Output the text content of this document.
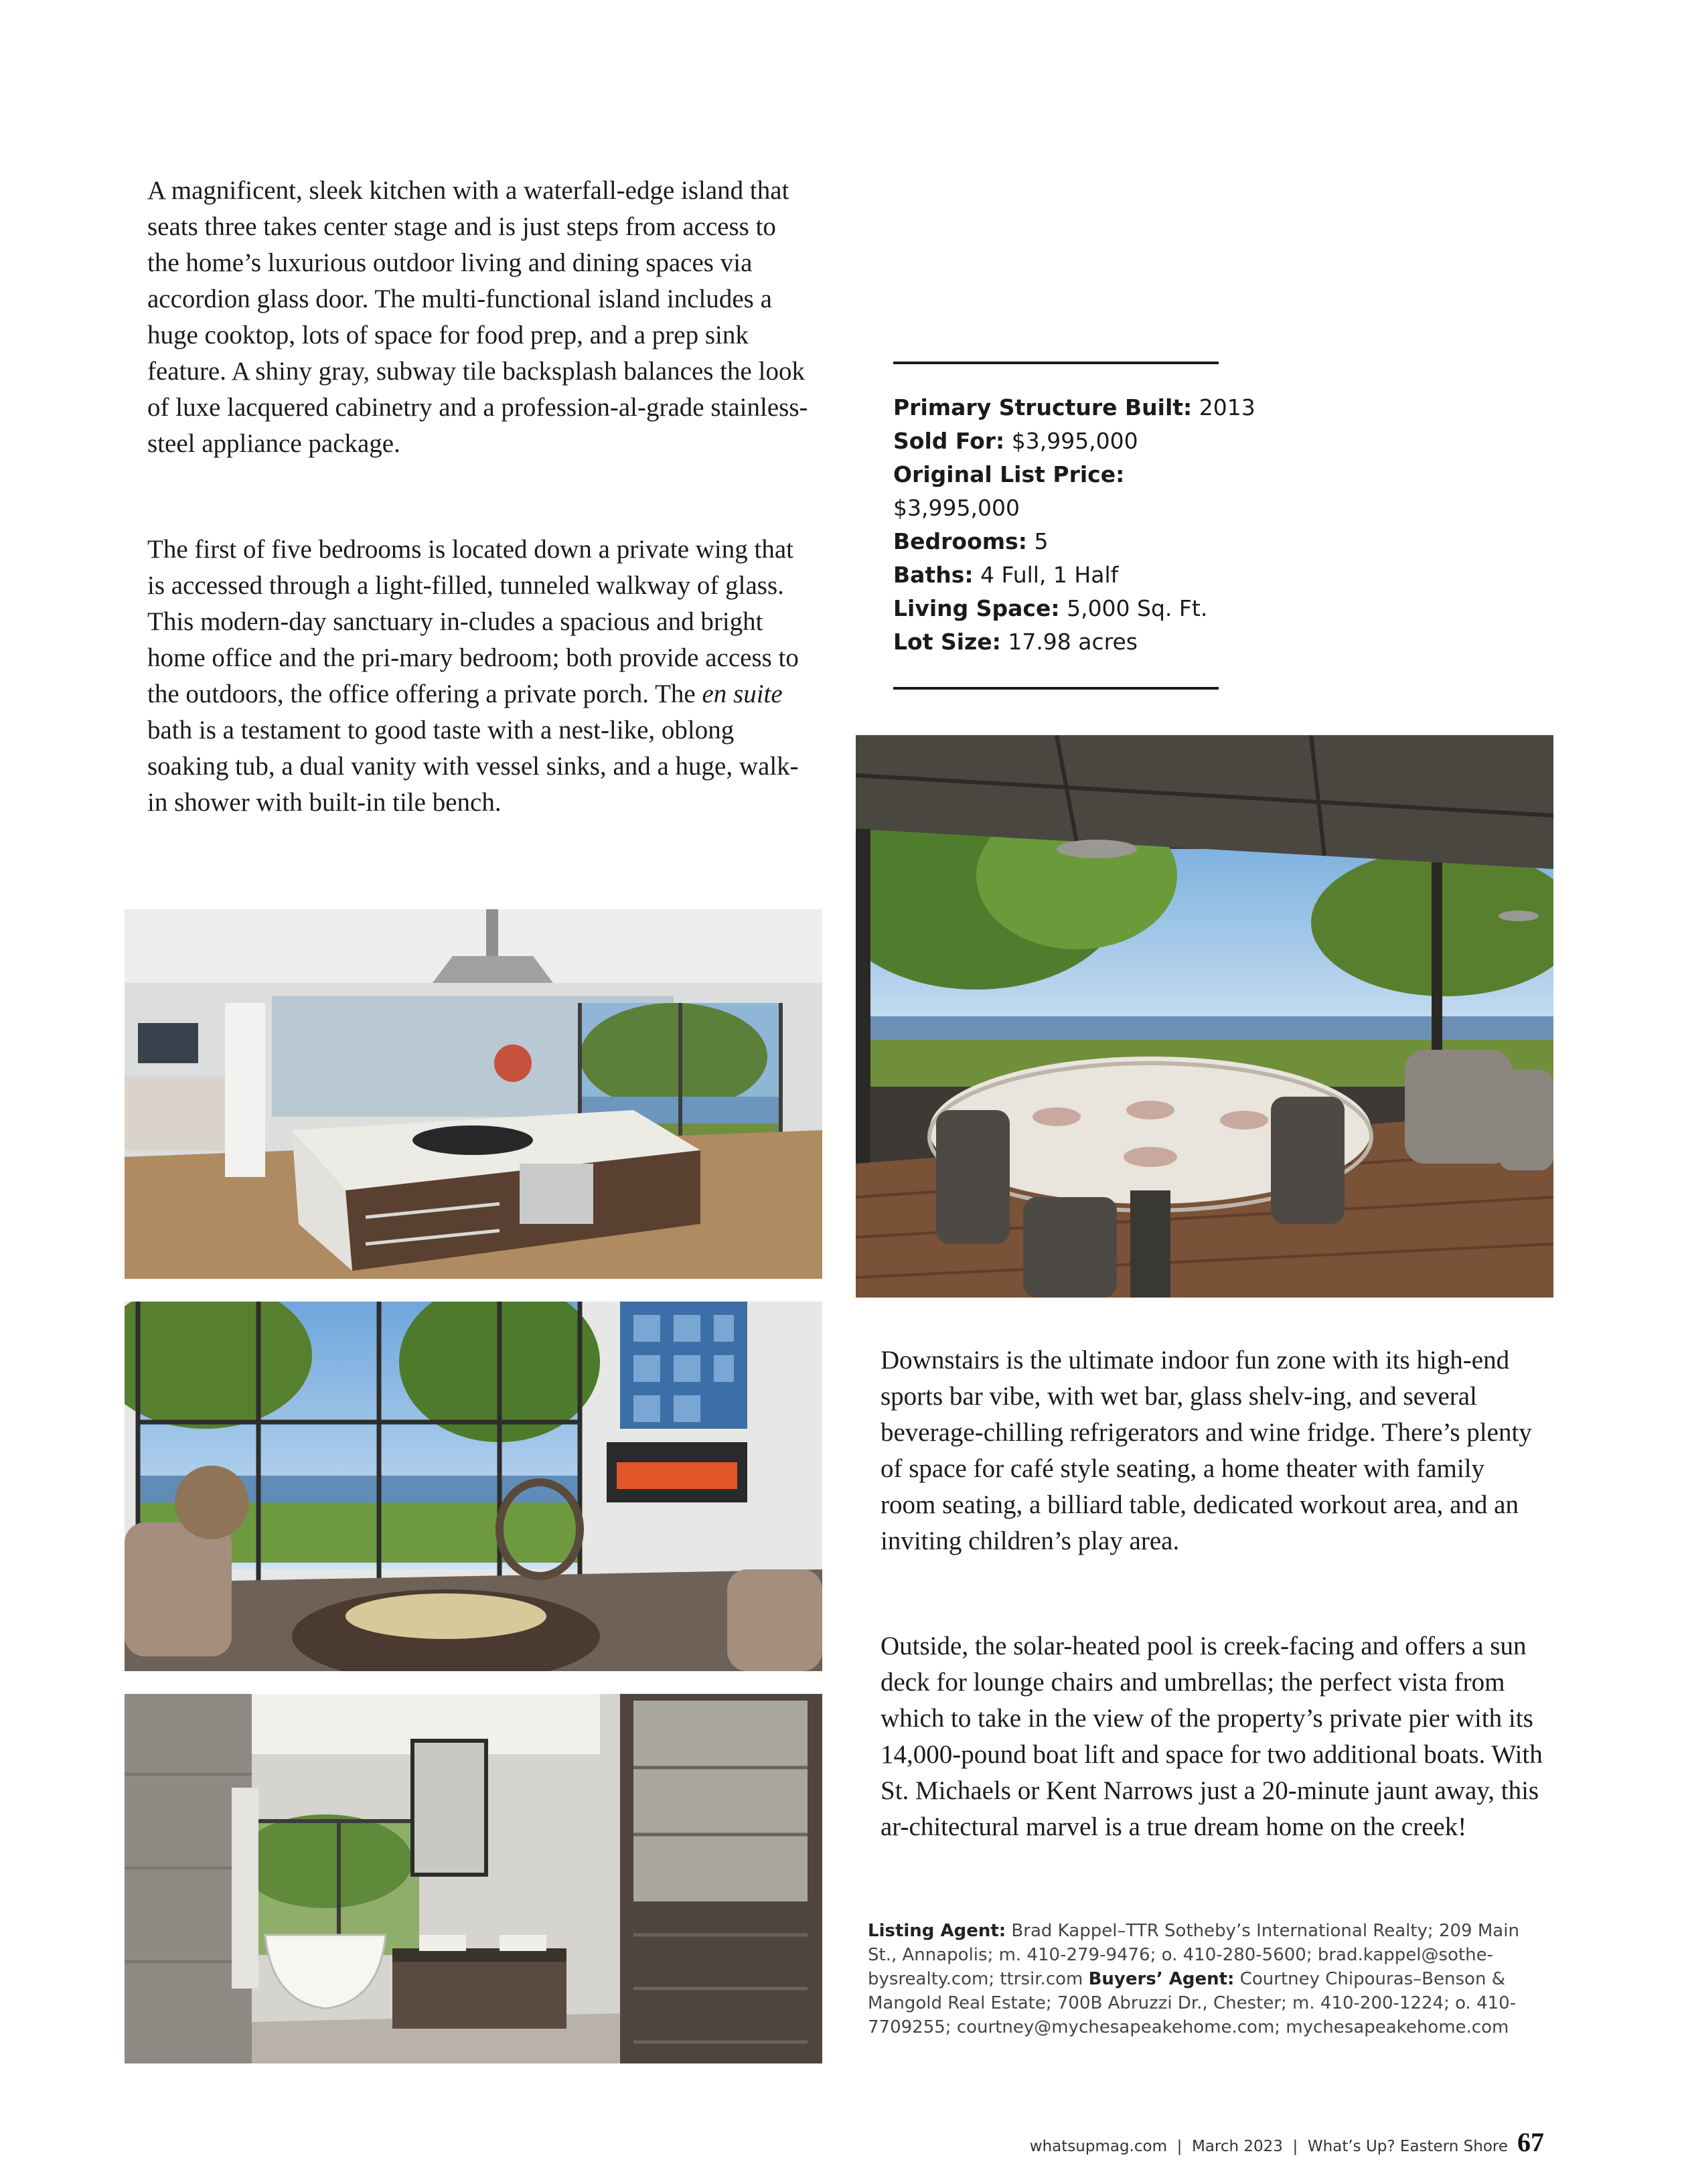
A magnificent, sleek kitchen with a waterfall-edge island that seats three takes center stage and is just steps from access to the home’s luxurious outdoor living and dining spaces via accordion glass door. The multi-functional island includes a huge cooktop, lots of space for food prep, and a prep sink feature. A shiny gray, subway tile backsplash balances the look of luxe lacquered cabinetry and a profession-al-grade stainless-steel appliance package.

The first of five bedrooms is located down a private wing that is accessed through a light-filled, tunneled walkway of glass. This modern-day sanctuary in-cludes a spacious and bright home office and the pri-mary bedroom; both provide access to the outdoors, the office offering a private porch. The en suite bath is a testament to good taste with a nest-like, oblong soaking tub, a dual vanity with vessel sinks, and a huge, walk-in shower with built-in tile bench.

Primary Structure Built: 2013
Sold For: $3,995,000
Original List Price:
$3,995,000
Bedrooms: 5
Baths: 4 Full, 1 Half
Living Space: 5,000 Sq. Ft.
Lot Size: 17.98 acres

Downstairs is the ultimate indoor fun zone with its high-end sports bar vibe, with wet bar, glass shelv-ing, and several beverage-chilling refrigerators and wine fridge. There’s plenty of space for café style seating, a home theater with family room seating, a billiard table, dedicated workout area, and an inviting children’s play area.

Outside, the solar-heated pool is creek-facing and offers a sun deck for lounge chairs and umbrellas; the perfect vista from which to take in the view of the property’s private pier with its 14,000-pound boat lift and space for two additional boats. With St. Michaels or Kent Narrows just a 20-minute jaunt away, this ar-chitectural marvel is a true dream home on the creek!

Listing Agent: Brad Kappel–TTR Sotheby’s International Realty; 209 Main St., Annapolis; m. 410-279-9476; o. 410-280-5600; brad.kappel@sothe-bysrealty.com; ttrsir.com Buyers’ Agent: Courtney Chipouras–Benson & Mangold Real Estate; 700B Abruzzi Dr., Chester; m. 410-200-1224; o. 410-7709255; courtney@mychesapeakehome.com; mychesapeakehome.com
whatsupmag.com  |  March 2023  |  What’s Up? Eastern Shore 67
